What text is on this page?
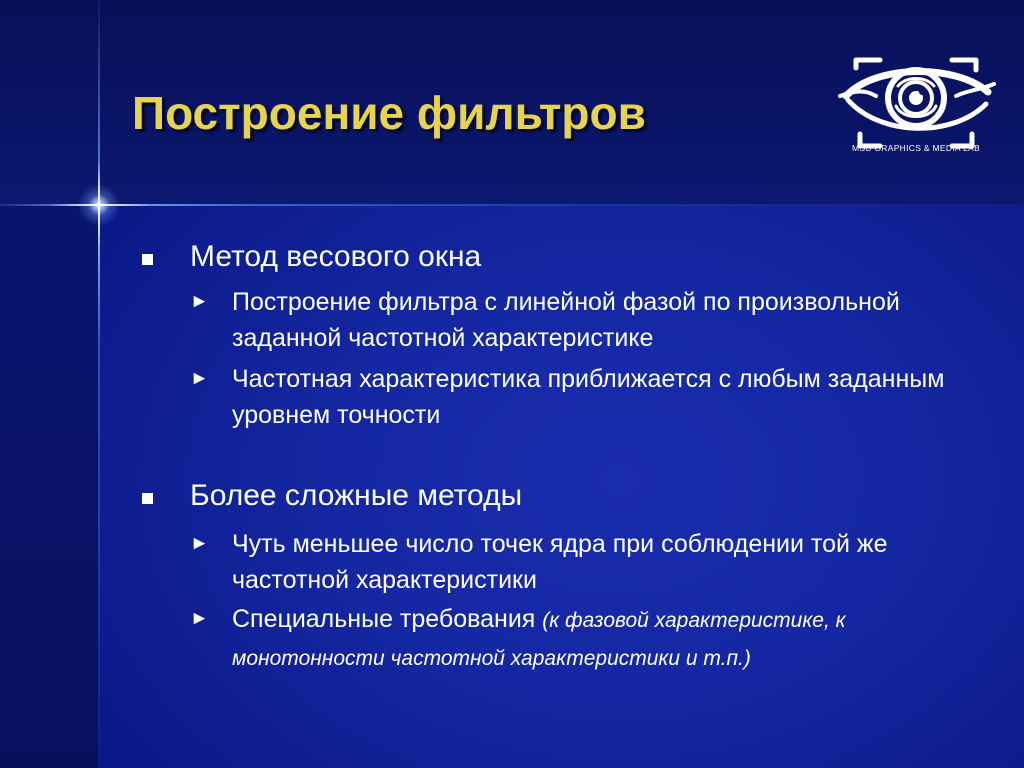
Построение фильтров
MSU GRAPHICS & MEDIA LAB
Метод весового окна
► Построение фильтра с линейной фазой по произвольной заданной частотной характеристике
► Частотная характеристика приближается с любым заданным уровнем точности
Более сложные методы
► Чуть меньшее число точек ядра при соблюдении той же частотной характеристики
► Специальные требования (к фазовой характеристике, к монотонности частотной характеристики и т.п.)
